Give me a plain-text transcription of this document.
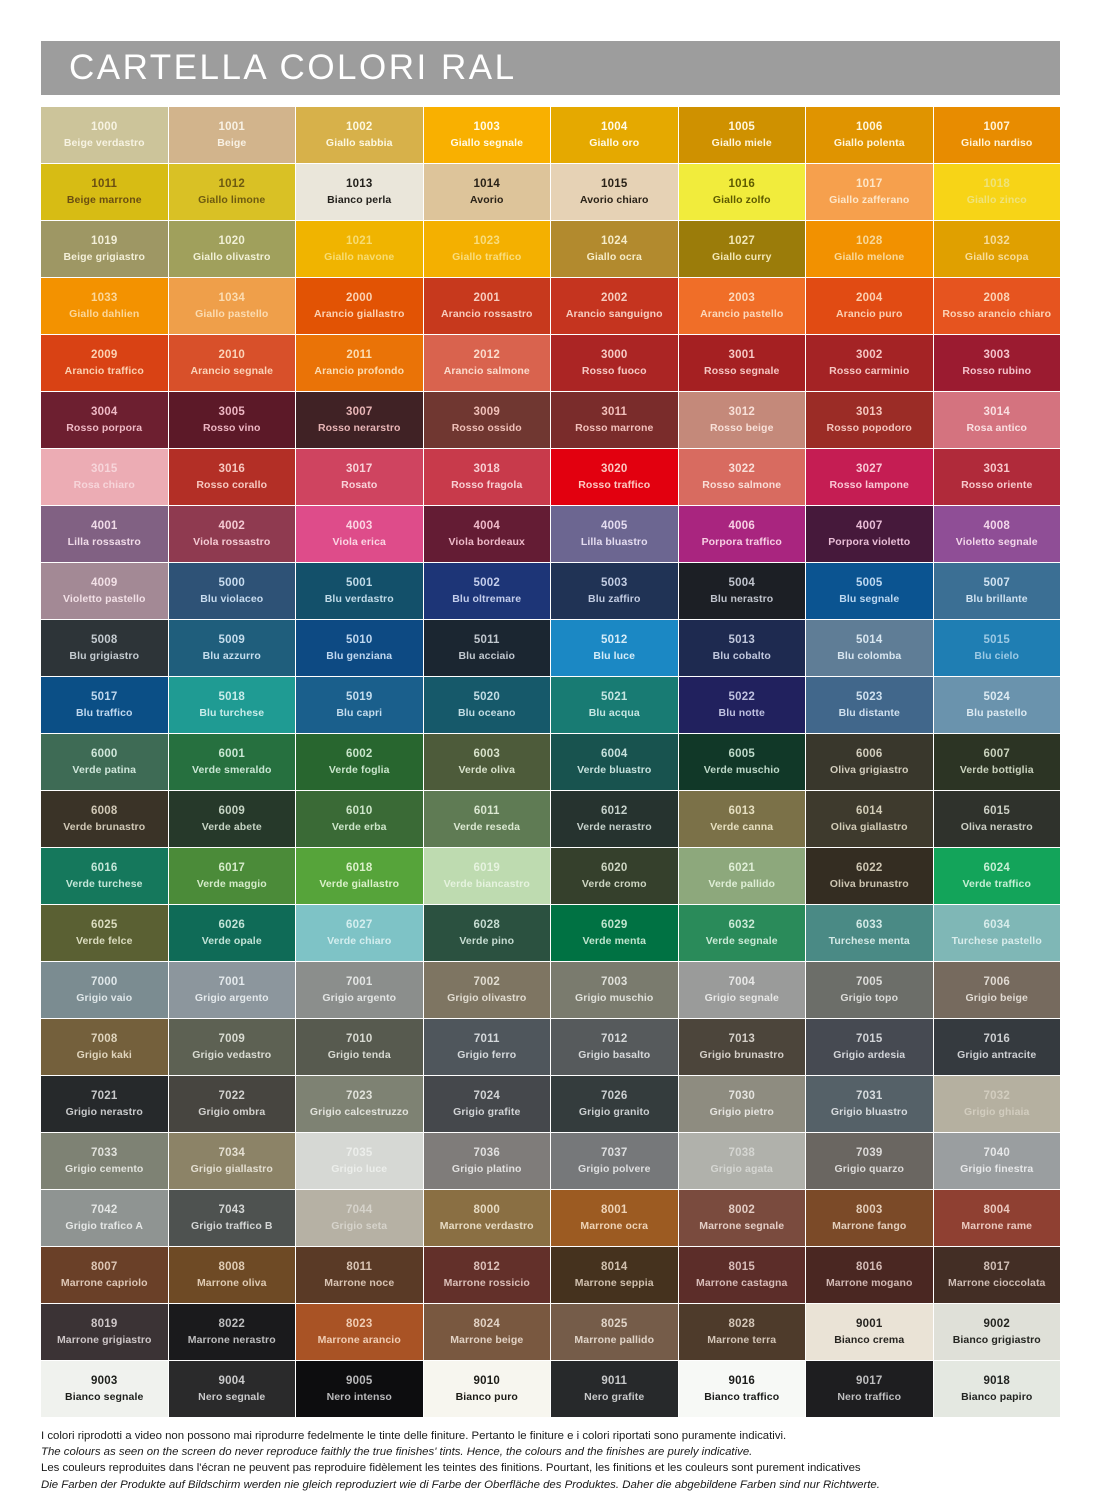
CARTELLA COLORI RAL
1000
Beige verdastro
1001
Beige
1002
Giallo sabbia
1003
Giallo segnale
1004
Giallo oro
1005
Giallo miele
1006
Giallo polenta
1007
Giallo nardiso
1011
Beige marrone
1012
Giallo limone
1013
Bianco perla
1014
Avorio
1015
Avorio chiaro
1016
Giallo zolfo
1017
Giallo zafferano
1018
Giallo zinco
1019
Beige grigiastro
1020
Giallo olivastro
1021
Giallo navone
1023
Giallo traffico
1024
Giallo ocra
1027
Giallo curry
1028
Giallo melone
1032
Giallo scopa
1033
Giallo dahlien
1034
Giallo pastello
2000
Arancio giallastro
2001
Arancio rossastro
2002
Arancio sanguigno
2003
Arancio pastello
2004
Arancio puro
2008
Rosso arancio chiaro
2009
Arancio traffico
2010
Arancio segnale
2011
Arancio profondo
2012
Arancio salmone
3000
Rosso fuoco
3001
Rosso segnale
3002
Rosso carminio
3003
Rosso rubino
3004
Rosso porpora
3005
Rosso vino
3007
Rosso nerarstro
3009
Rosso ossido
3011
Rosso marrone
3012
Rosso beige
3013
Rosso popodoro
3014
Rosa antico
3015
Rosa chiaro
3016
Rosso corallo
3017
Rosato
3018
Rosso fragola
3020
Rosso traffico
3022
Rosso salmone
3027
Rosso lampone
3031
Rosso oriente
4001
Lilla rossastro
4002
Viola rossastro
4003
Viola erica
4004
Viola bordeaux
4005
Lilla bluastro
4006
Porpora traffico
4007
Porpora violetto
4008
Violetto segnale
4009
Violetto pastello
5000
Blu violaceo
5001
Blu verdastro
5002
Blu oltremare
5003
Blu zaffiro
5004
Blu nerastro
5005
Blu segnale
5007
Blu brillante
5008
Blu grigiastro
5009
Blu azzurro
5010
Blu genziana
5011
Blu acciaio
5012
Blu luce
5013
Blu cobalto
5014
Blu colomba
5015
Blu cielo
5017
Blu traffico
5018
Blu turchese
5019
Blu capri
5020
Blu oceano
5021
Blu acqua
5022
Blu notte
5023
Blu distante
5024
Blu pastello
6000
Verde patina
6001
Verde smeraldo
6002
Verde foglia
6003
Verde oliva
6004
Verde bluastro
6005
Verde muschio
6006
Oliva grigiastro
6007
Verde bottiglia
6008
Verde brunastro
6009
Verde abete
6010
Verde erba
6011
Verde reseda
6012
Verde nerastro
6013
Verde canna
6014
Oliva giallastro
6015
Oliva nerastro
6016
Verde turchese
6017
Verde maggio
6018
Verde giallastro
6019
Verde biancastro
6020
Verde cromo
6021
Verde pallido
6022
Oliva brunastro
6024
Verde traffico
6025
Verde felce
6026
Verde opale
6027
Verde chiaro
6028
Verde pino
6029
Verde menta
6032
Verde segnale
6033
Turchese menta
6034
Turchese pastello
7000
Grigio vaio
7001
Grigio argento
7001
Grigio argento
7002
Grigio olivastro
7003
Grigio muschio
7004
Grigio segnale
7005
Grigio topo
7006
Grigio beige
7008
Grigio kaki
7009
Grigio vedastro
7010
Grigio tenda
7011
Grigio ferro
7012
Grigio basalto
7013
Grigio brunastro
7015
Grigio ardesia
7016
Grigio antracite
7021
Grigio nerastro
7022
Grigio ombra
7023
Grigio calcestruzzo
7024
Grigio grafite
7026
Grigio granito
7030
Grigio pietro
7031
Grigio bluastro
7032
Grigio ghiaia
7033
Grigio cemento
7034
Grigio giallastro
7035
Grigio luce
7036
Grigio platino
7037
Grigio polvere
7038
Grigio agata
7039
Grigio quarzo
7040
Grigio finestra
7042
Grigio trafico A
7043
Grigio traffico B
7044
Grigio seta
8000
Marrone verdastro
8001
Marrone ocra
8002
Marrone segnale
8003
Marrone fango
8004
Marrone rame
8007
Marrone capriolo
8008
Marrone oliva
8011
Marrone noce
8012
Marrone rossicio
8014
Marrone seppia
8015
Marrone castagna
8016
Marrone mogano
8017
Marrone cioccolata
8019
Marrone grigiastro
8022
Marrone nerastro
8023
Marrone arancio
8024
Marrone beige
8025
Marrone pallido
8028
Marrone terra
9001
Bianco crema
9002
Bianco grigiastro
9003
Bianco segnale
9004
Nero segnale
9005
Nero intenso
9010
Bianco puro
9011
Nero grafite
9016
Bianco traffico
9017
Nero traffico
9018
Bianco papiro
I colori riprodotti a video non possono mai riprodurre fedelmente le tinte delle finiture. Pertanto le finiture e i colori riportati sono puramente indicativi.
The colours as seen on the screen do never reproduce faithly the true finishes' tints. Hence, the colours and the finishes are purely indicative.
Les couleurs reproduites dans l'écran ne peuvent pas reproduire fidèlement les teintes des finitions. Pourtant, les finitions et les couleurs sont purement indicatives
Die Farben der Produkte auf Bildschirm werden nie gleich reproduziert wie di Farbe der Oberfläche des Produktes. Daher die abgebildene Farben sind nur Richtwerte.
